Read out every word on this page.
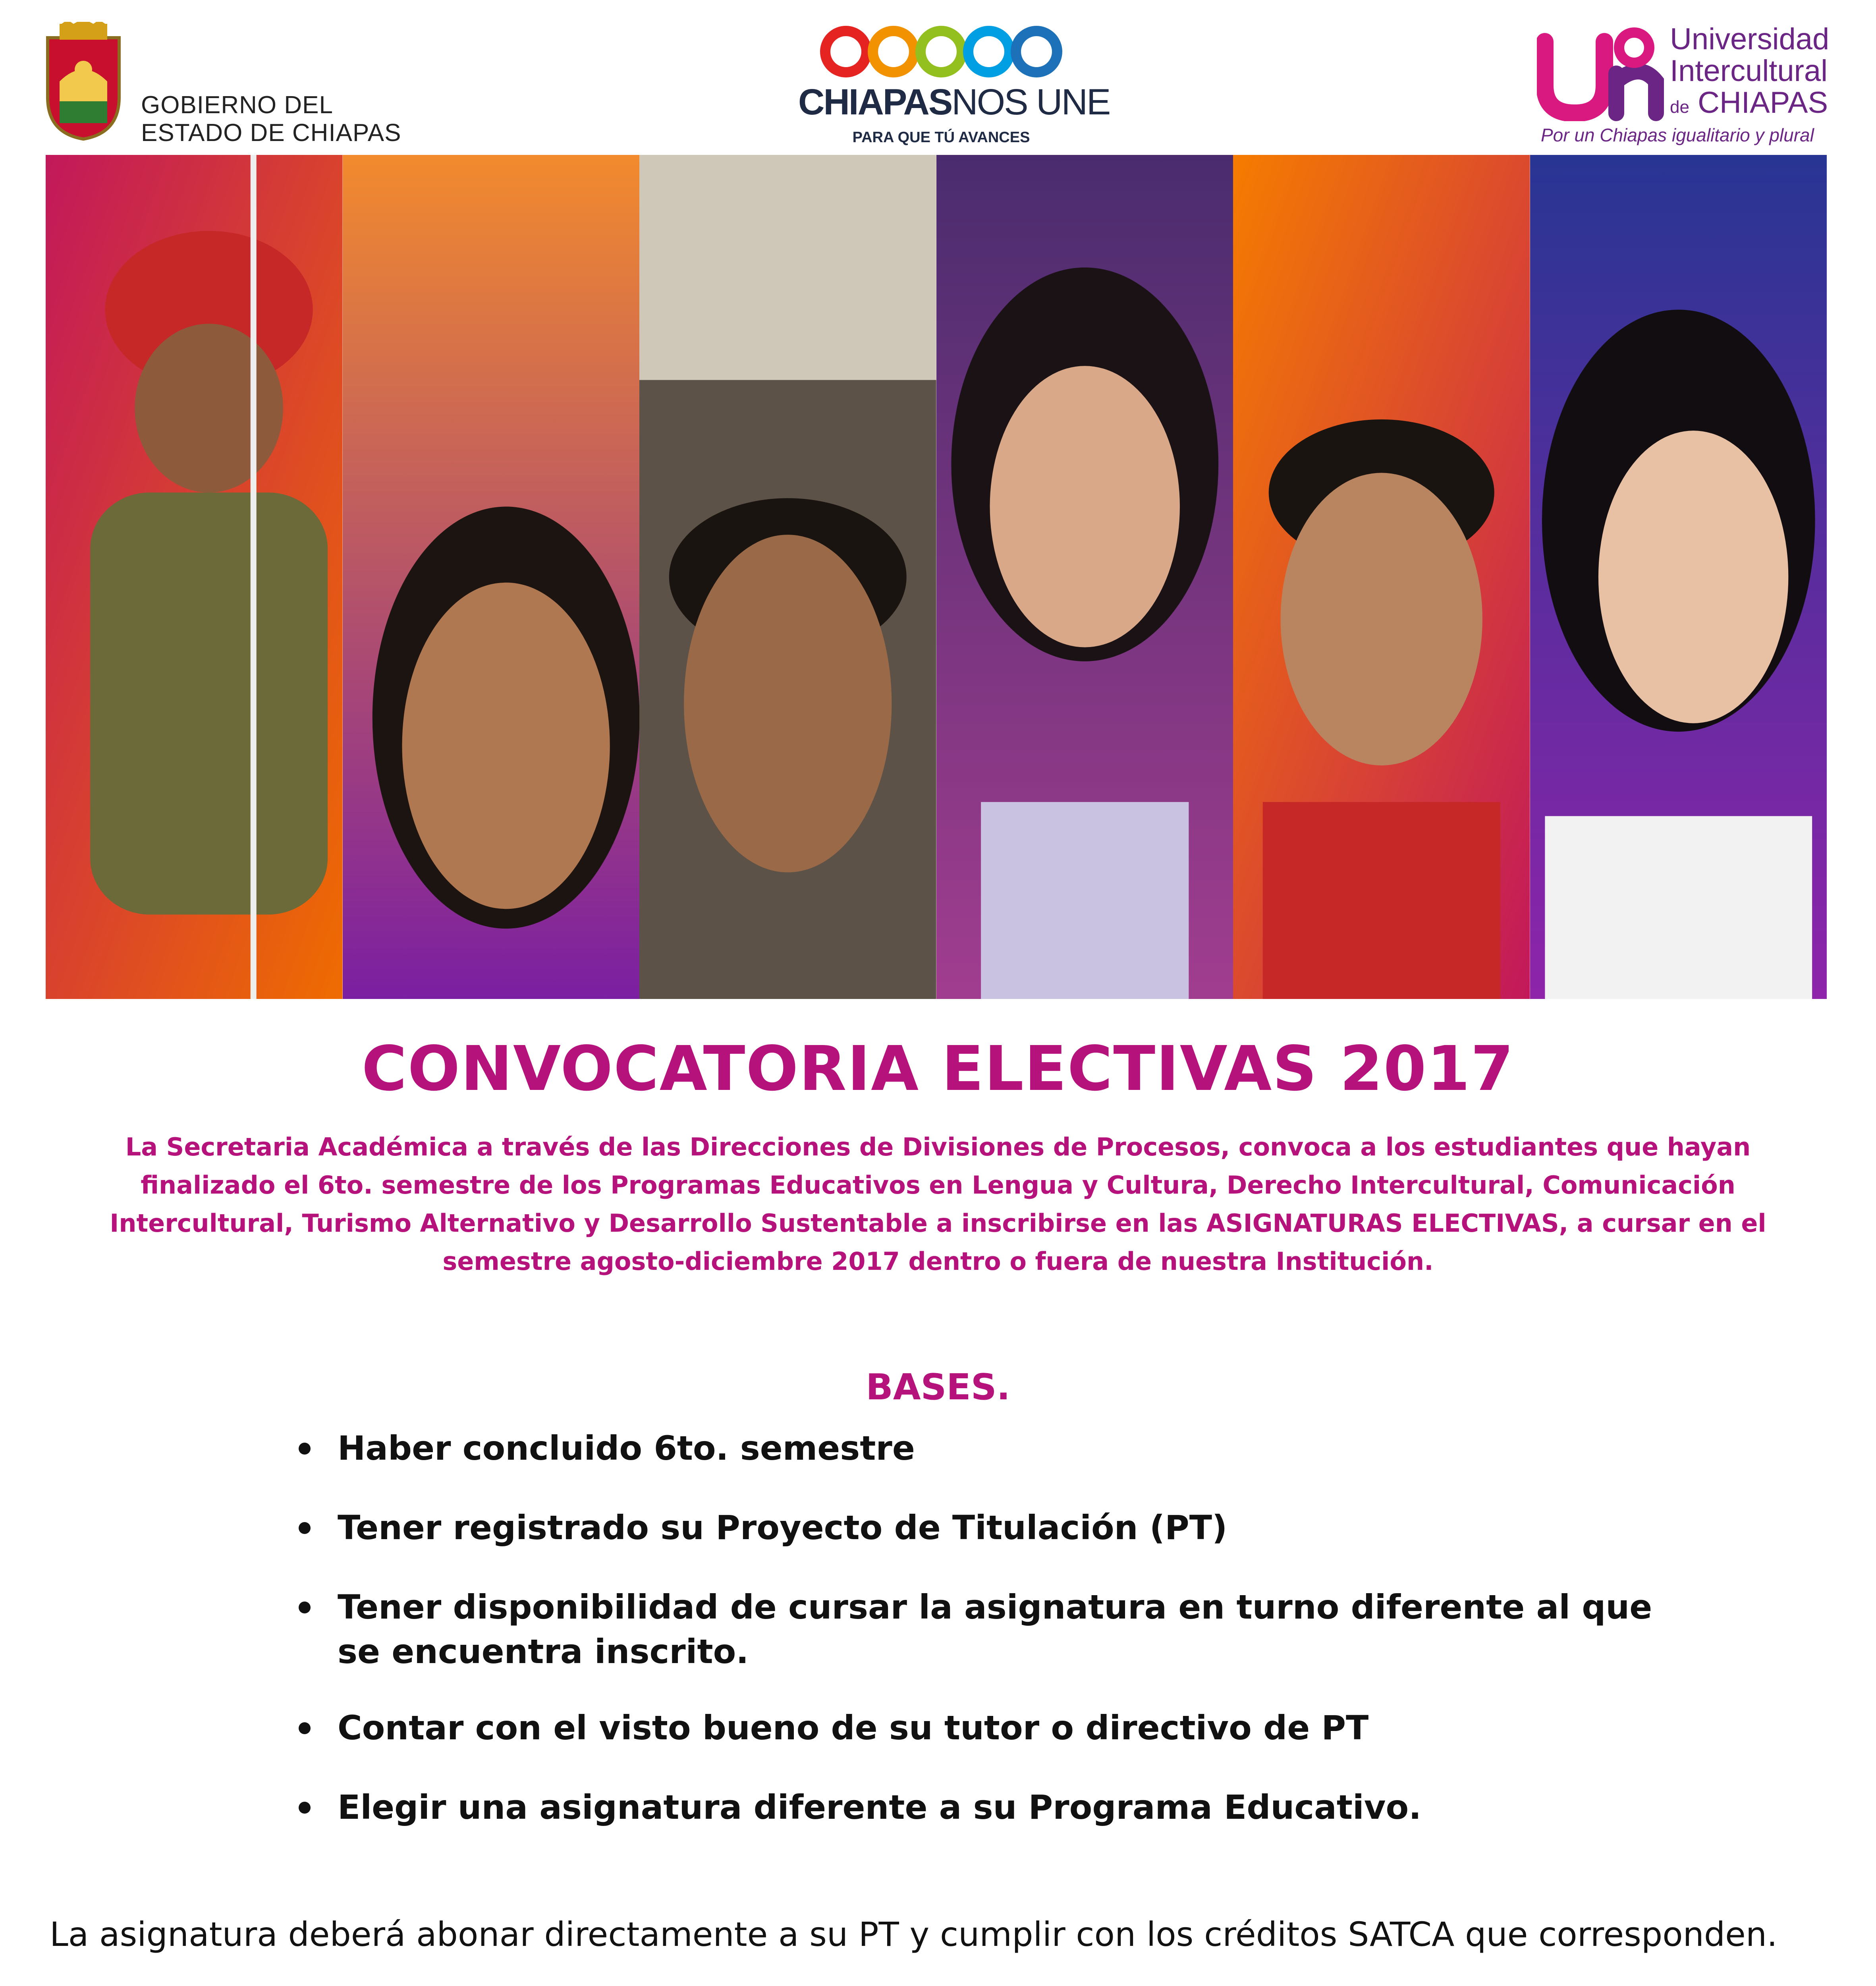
GOBIERNO DEL
ESTADO DE CHIAPAS
CHIAPASNOS UNE
PARA QUE TÚ AVANCES
Universidad
Intercultural
de CHIAPAS
Por un Chiapas igualitario y plural
CONVOCATORIA ELECTIVAS 2017
La Secretaria Académica a través de las Direcciones de Divisiones de Procesos, convoca a los estudiantes que hayan finalizado el 6to. semestre de los Programas Educativos en Lengua y Cultura, Derecho Intercultural, Comunicación Intercultural, Turismo Alternativo y Desarrollo Sustentable a inscribirse en las ASIGNATURAS ELECTIVAS, a cursar en el semestre agosto-diciembre 2017 dentro o fuera de nuestra Institución.
BASES.
Haber concluido 6to. semestre
Tener registrado su Proyecto de Titulación (PT)
Tener disponibilidad de cursar la asignatura en turno diferente al que se encuentra inscrito.
Contar con el visto bueno de su tutor o directivo de PT
Elegir una asignatura diferente a su Programa Educativo.
La asignatura deberá abonar directamente a su PT y cumplir con los créditos SATCA que corresponden.
